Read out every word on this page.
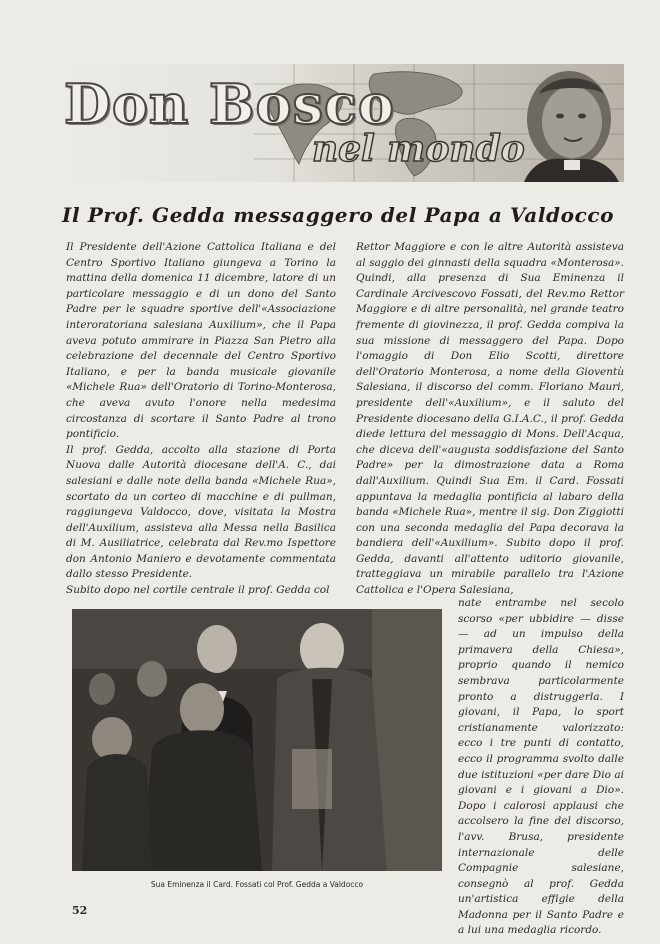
Don Bosco
nel mondo
Il Prof. Gedda messaggero del Papa a Valdocco

Il Presidente dell'Azione Cattolica Italiana e del Centro Sportivo Italiano giungeva a Torino la mattina della domenica 11 dicembre, latore di un particolare messaggio e di un dono del Santo Padre per le squadre sportive dell'«Associazione interoratoriana salesiana Auxilium», che il Papa aveva potuto ammirare in Piazza San Pietro alla celebrazione del decennale del Centro Sportivo Italiano, e per la banda musicale giovanile «Michele Rua» dell'Oratorio di Torino-Monterosa, che aveva avuto l'onore nella medesima circostanza di scortare il Santo Padre al trono pontificio.

Il prof. Gedda, accolto alla stazione di Porta Nuova dalle Autorità diocesane dell'A. C., dai salesiani e dalle note della banda «Michele Rua», scortato da un corteo di macchine e di pullman, raggiungeva Valdocco, dove, visitata la Mostra dell'Auxilium, assisteva alla Messa nella Basilica di M. Ausiliatrice, celebrata dal Rev.mo Ispettore don Antonio Maniero e devotamente commentata dallo stesso Presidente.

Subito dopo nel cortile centrale il prof. Gedda col

Rettor Maggiore e con le altre Autorità assisteva al saggio dei ginnasti della squadra «Monterosa». Quindi, alla presenza di Sua Eminenza il Cardinale Arcivescovo Fossati, del Rev.mo Rettor Maggiore e di altre personalità, nel grande teatro fremente di giovinezza, il prof. Gedda compiva la sua missione di messaggero del Papa. Dopo l'omaggio di Don Elio Scotti, direttore dell'Oratorio Monterosa, a nome della Gioventù Salesiana, il discorso del comm. Floriano Mauri, presidente dell'«Auxilium», e il saluto del Presidente diocesano della G.I.A.C., il prof. Gedda diede lettura del messaggio di Mons. Dell'Acqua, che diceva dell'«augusta soddisfazione del Santo Padre» per la dimostrazione data a Roma dall'Auxilium. Quindi Sua Em. il Card. Fossati appuntava la medaglia pontificia al labaro della banda «Michele Rua», mentre il sig. Don Ziggiotti con una seconda medaglia del Papa decorava la bandiera dell'«Auxilium». Subito dopo il prof. Gedda, davanti all'attento uditorio giovanile, tratteggiava un mirabile parallelo tra l'Azione Cattolica e l'Opera Salesiana,

Sua Eminenza il Card. Fossati col Prof. Gedda a Valdocco

nate entrambe nel secolo scorso «per ubbidire — disse — ad un impulso della primavera della Chiesa», proprio quando il nemico sembrava particolarmente pronto a distruggerla. I giovani, il Papa, lo sport cristianamente valorizzato: ecco i tre punti di contatto, ecco il programma svolto dalle due istituzioni «per dare Dio ai giovani e i giovani a Dio». Dopo i calorosi applausi che accolsero la fine del discorso, l'avv. Brusa, presidente internazionale delle Compagnie salesiane, consegnò al prof. Gedda un'artistica effigie della Madonna per il Santo Padre e a lui una medaglia ricordo.

52
